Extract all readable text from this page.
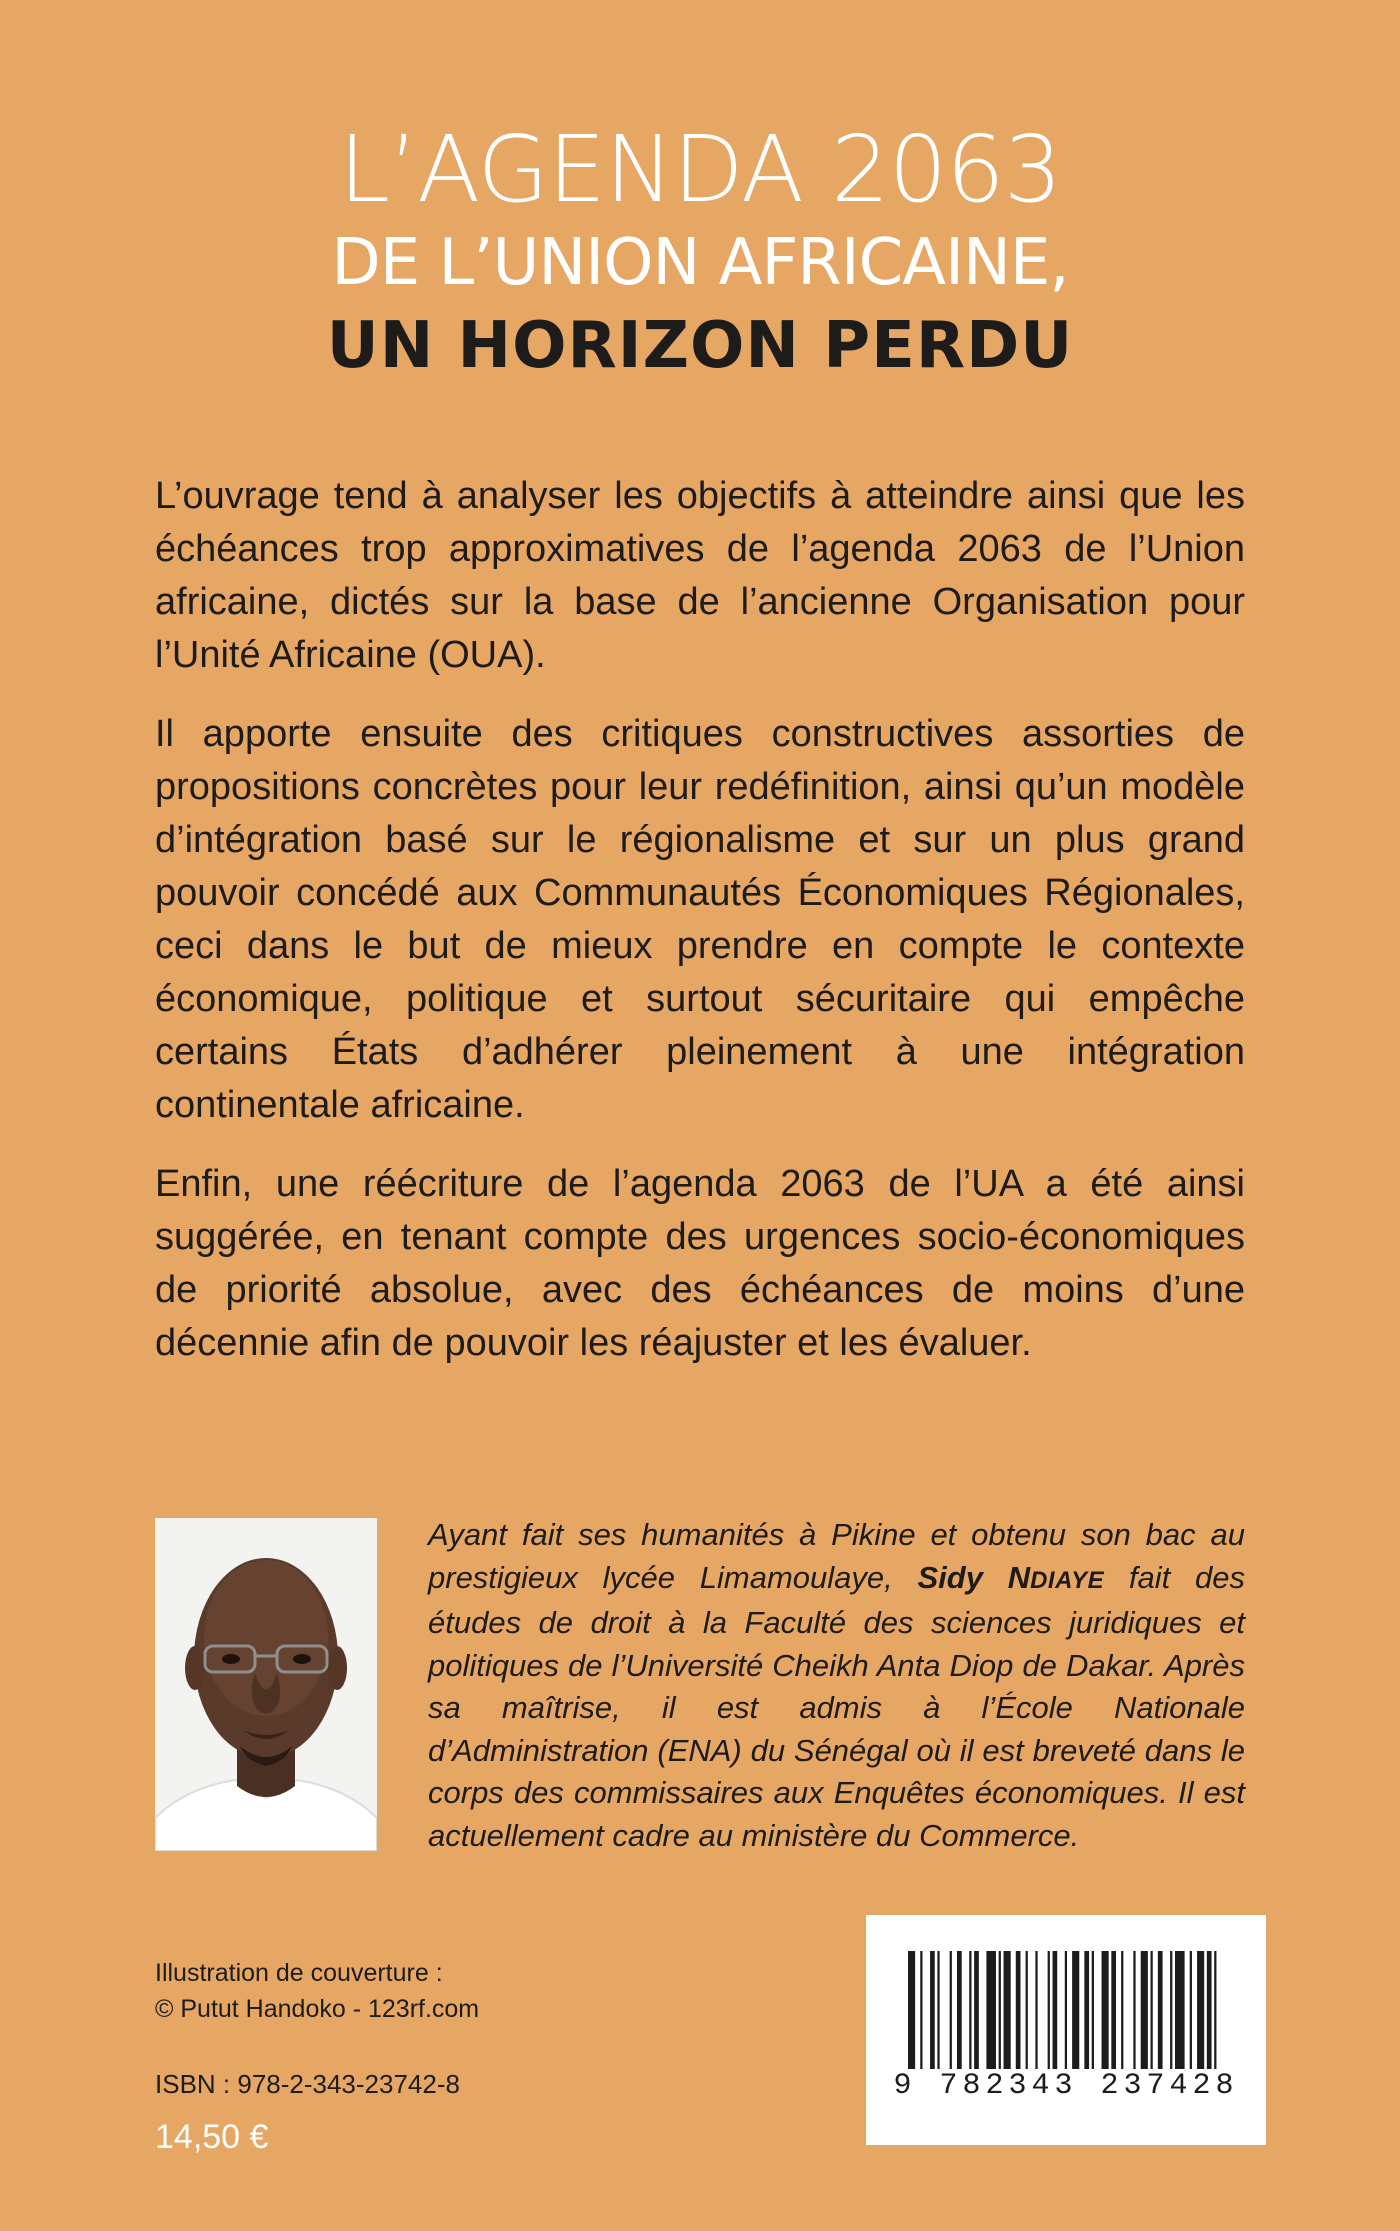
L’AGENDA 2063
DE L’UNION AFRICAINE,
UN HORIZON PERDU

L’ouvrage tend à analyser les objectifs à atteindre ainsi que les échéances trop approximatives de l’agenda 2063 de l’Union africaine, dictés sur la base de l’ancienne Organisation pour l’Unité Africaine (OUA).

Il apporte ensuite des critiques constructives assorties de propositions concrètes pour leur redéfinition, ainsi qu’un modèle d’intégration basé sur le régionalisme et sur un plus grand pouvoir concédé aux Communautés Économiques Régionales, ceci dans le but de mieux prendre en compte le contexte économique, politique et surtout sécuritaire qui empêche certains États d’adhérer pleinement à une intégration continentale africaine.

Enfin, une réécriture de l’agenda 2063 de l’UA a été ainsi suggérée, en tenant compte des urgences socio-économiques de priorité absolue, avec des échéances de moins d’une décennie afin de pouvoir les réajuster et les évaluer.

Ayant fait ses humanités à Pikine et obtenu son bac au prestigieux lycée Limamoulaye, Sidy NDIAYE fait des études de droit à la Faculté des sciences juridiques et politiques de l’Université Cheikh Anta Diop de Dakar. Après sa maîtrise, il est admis à l’École Nationale d’Administration (ENA) du Sénégal où il est breveté dans le corps des commissaires aux Enquêtes économiques. Il est actuellement cadre au ministère du Commerce.
Illustration de couverture :
© Putut Handoko - 123rf.com
ISBN : 978-2-343-23742-8
14,50 €
9 782343 237428
